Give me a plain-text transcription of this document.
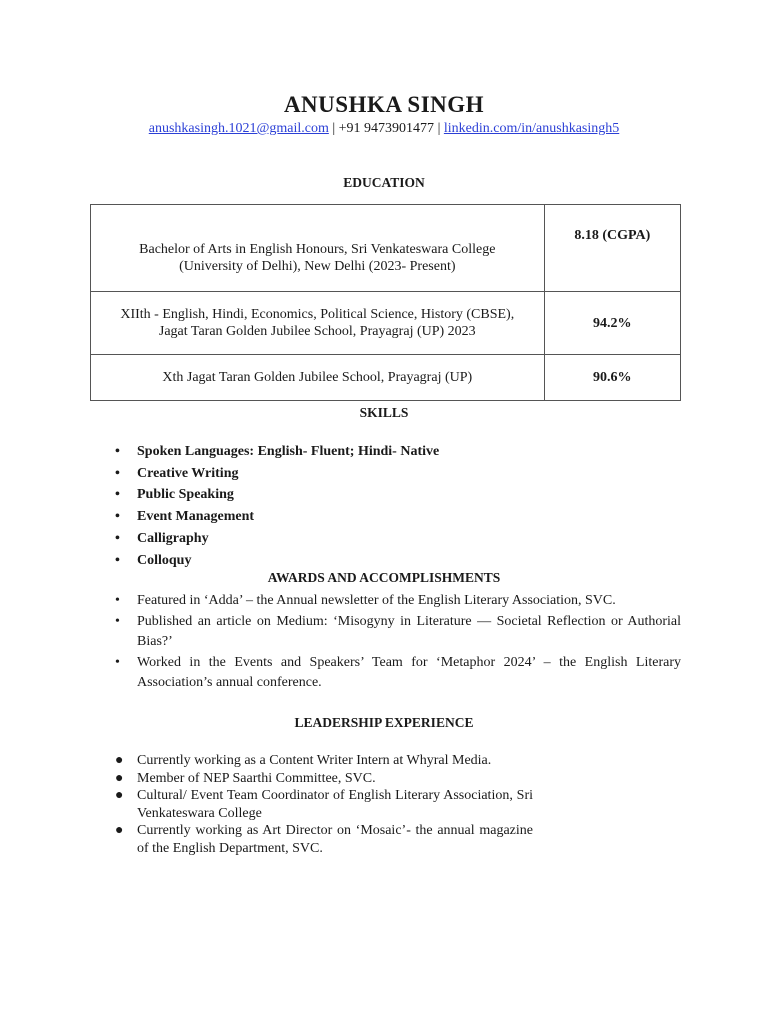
ANUSHKA SINGH
anushkasingh.1021@gmail.com | +91 9473901477 | linkedin.com/in/anushkasingh5
EDUCATION
Bachelor of Arts in English Honours, Sri Venkateswara College
(University of Delhi), New Delhi (2023- Present)	8.18 (CGPA)

XIIth - English, Hindi, Economics, Political Science, History (CBSE),
Jagat Taran Golden Jubilee School, Prayagraj (UP) 2023	94.2%

Xth Jagat Taran Golden Jubilee School, Prayagraj (UP)	90.6%
SKILLS
• Spoken Languages: English- Fluent; Hindi- Native
• Creative Writing
• Public Speaking
• Event Management
• Calligraphy
• Colloquy
AWARDS AND ACCOMPLISHMENTS
• Featured in ‘Adda’ – the Annual newsletter of the English Literary Association, SVC.
• Published an article on Medium: ‘Misogyny in Literature — Societal Reflection or Authorial Bias?’
• Worked in the Events and Speakers’ Team for ‘Metaphor 2024’ – the English Literary Association’s annual conference.
LEADERSHIP EXPERIENCE
● Currently working as a Content Writer Intern at Whyral Media.
● Member of NEP Saarthi Committee, SVC.
● Cultural/ Event Team Coordinator of English Literary Association, Sri Venkateswara College
● Currently working as Art Director on ‘Mosaic’- the annual magazine of the English Department, SVC.
